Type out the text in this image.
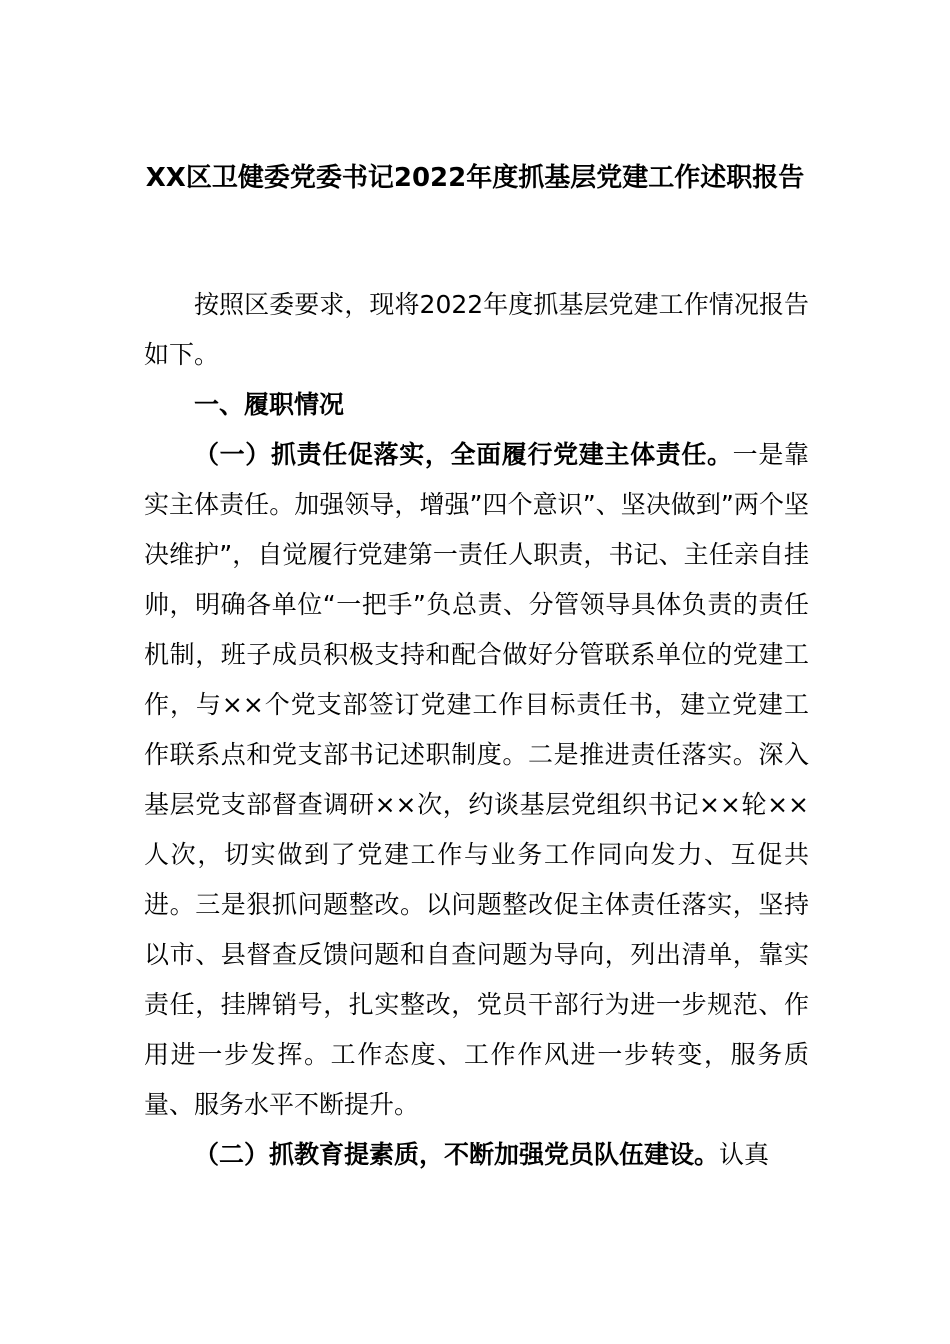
XX区卫健委党委书记2022年度抓基层党建工作述职报告

按照区委要求，现将2022年度抓基层党建工作情况报告如下。

一、履职情况

（一）抓责任促落实，全面履行党建主体责任。一是靠实主体责任。加强领导，增强”四个意识”、坚决做到”两个坚决维护”，自觉履行党建第一责任人职责，书记、主任亲自挂帅，明确各单位“一把手”负总责、分管领导具体负责的责任机制，班子成员积极支持和配合做好分管联系单位的党建工作，与××个党支部签订党建工作目标责任书，建立党建工作联系点和党支部书记述职制度。二是推进责任落实。深入基层党支部督查调研××次，约谈基层党组织书记××轮××人次，切实做到了党建工作与业务工作同向发力、互促共进。三是狠抓问题整改。以问题整改促主体责任落实，坚持以市、县督查反馈问题和自查问题为导向，列出清单，靠实责任，挂牌销号，扎实整改，党员干部行为进一步规范、作用进一步发挥。工作态度、工作作风进一步转变，服务质量、服务水平不断提升。

（二）抓教育提素质，不断加强党员队伍建设。认真
